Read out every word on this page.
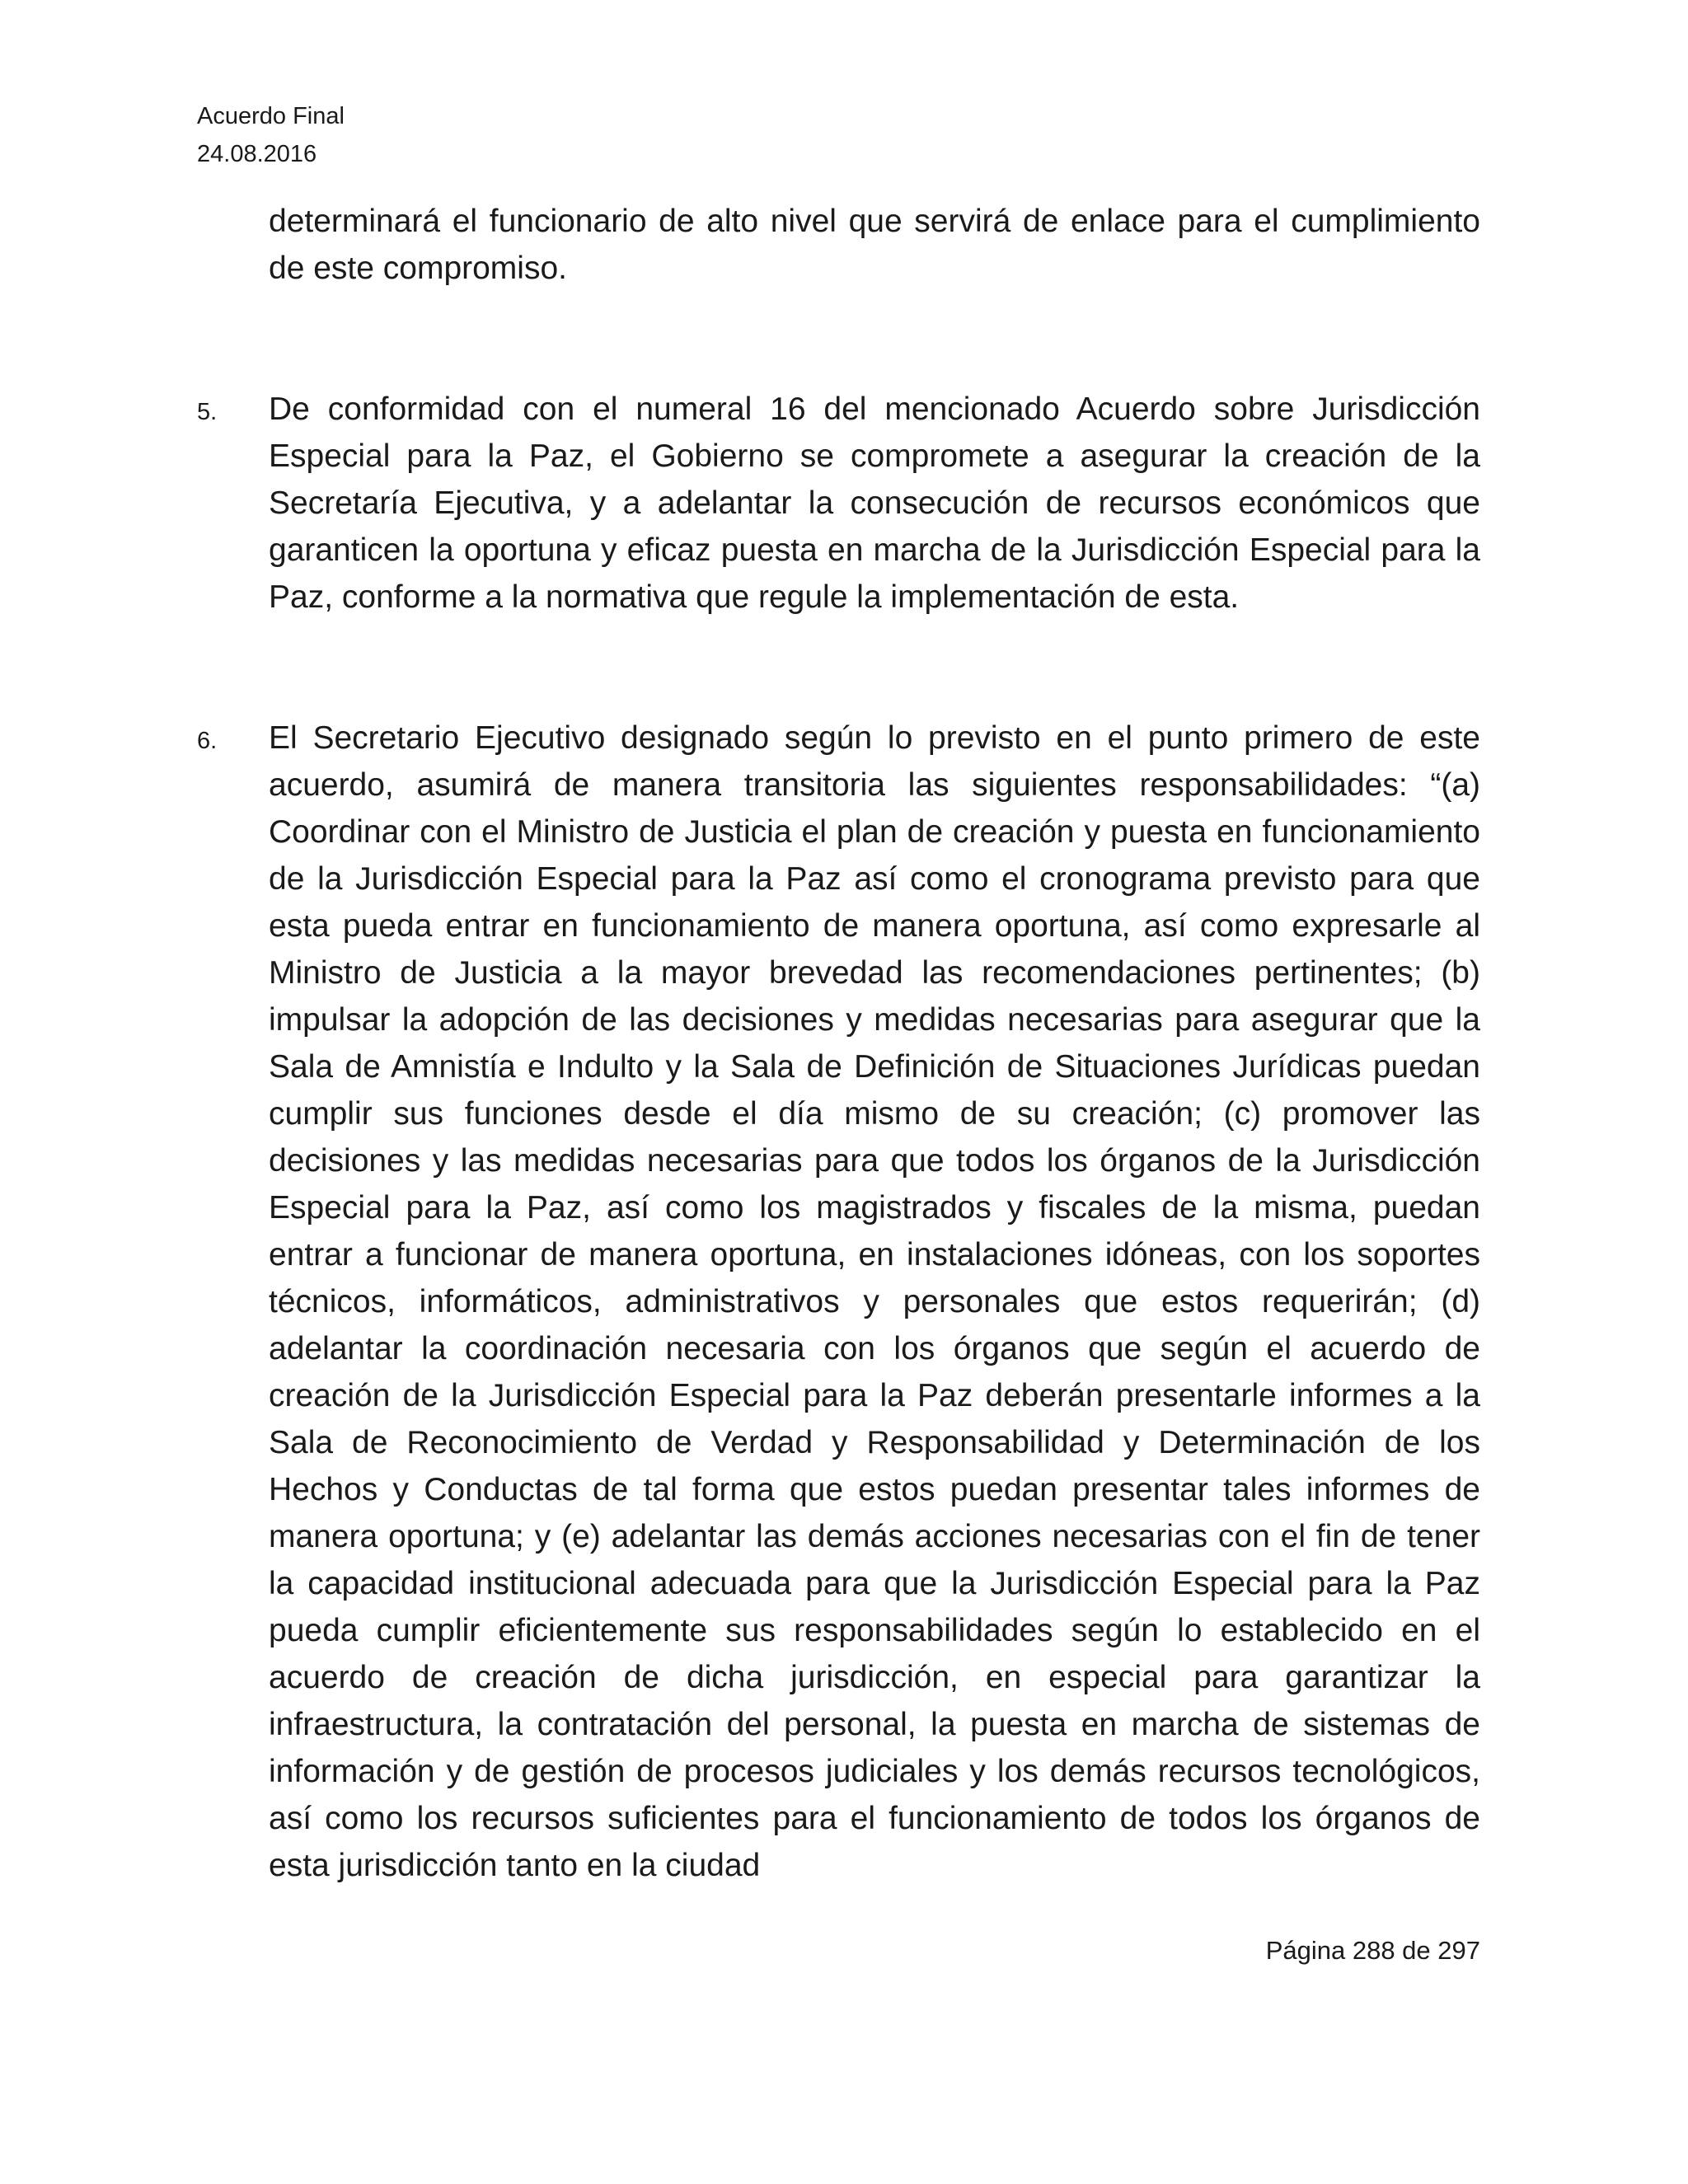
Acuerdo Final
24.08.2016

determinará el funcionario de alto nivel que servirá de enlace para el cumplimiento de este compromiso.

5. De conformidad con el numeral 16 del mencionado Acuerdo sobre Jurisdicción Especial para la Paz, el Gobierno se compromete a asegurar la creación de la Secretaría Ejecutiva, y a adelantar la consecución de recursos económicos que garanticen la oportuna y eficaz puesta en marcha de la Jurisdicción Especial para la Paz, conforme a la normativa que regule la implementación de esta.

6. El Secretario Ejecutivo designado según lo previsto en el punto primero de este acuerdo, asumirá de manera transitoria las siguientes responsabilidades: “(a) Coordinar con el Ministro de Justicia el plan de creación y puesta en funcionamiento de la Jurisdicción Especial para la Paz así como el cronograma previsto para que esta pueda entrar en funcionamiento de manera oportuna, así como expresarle al Ministro de Justicia a la mayor brevedad las recomendaciones pertinentes; (b) impulsar la adopción de las decisiones y medidas necesarias para asegurar que la Sala de Amnistía e Indulto y la Sala de Definición de Situaciones Jurídicas puedan cumplir sus funciones desde el día mismo de su creación; (c) promover las decisiones y las medidas necesarias para que todos los órganos de la Jurisdicción Especial para la Paz, así como los magistrados y fiscales de la misma, puedan entrar a funcionar de manera oportuna, en instalaciones idóneas, con los soportes técnicos, informáticos, administrativos y personales que estos requerirán; (d) adelantar la coordinación necesaria con los órganos que según el acuerdo de creación de la Jurisdicción Especial para la Paz deberán presentarle informes a la Sala de Reconocimiento de Verdad y Responsabilidad y Determinación de los Hechos y Conductas de tal forma que estos puedan presentar tales informes de manera oportuna; y (e) adelantar las demás acciones necesarias con el fin de tener la capacidad institucional adecuada para que la Jurisdicción Especial para la Paz pueda cumplir eficientemente sus responsabilidades según lo establecido en el acuerdo de creación de dicha jurisdicción, en especial para garantizar la infraestructura, la contratación del personal, la puesta en marcha de sistemas de información y de gestión de procesos judiciales y los demás recursos tecnológicos, así como los recursos suficientes para el funcionamiento de todos los órganos de esta jurisdicción tanto en la ciudad

Página 288 de 297
